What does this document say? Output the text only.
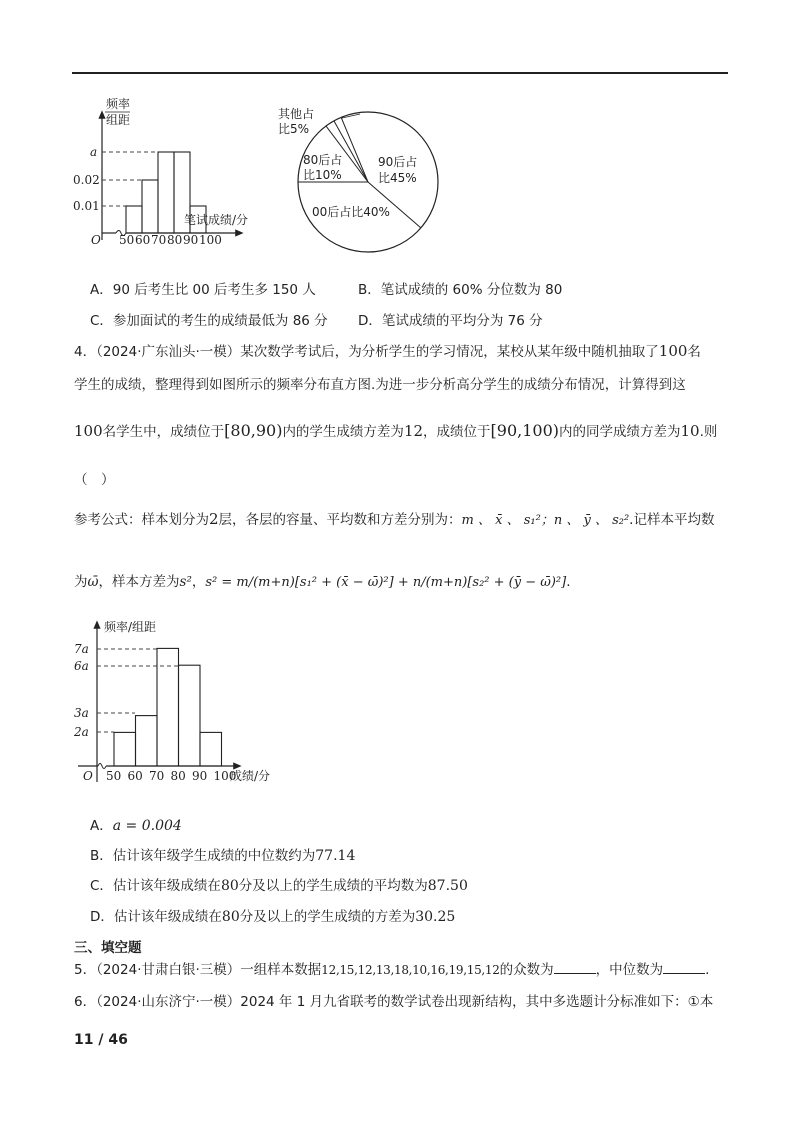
频率
组距
a
0.02
0.01
O 50 60 70 80 90 100
笔试成绩/分
其他占
比5%
80后占
比10%
90后占
比45%
00后占比40%
A．90 后考生比 00 后考生多 150 人	B．笔试成绩的 60% 分位数为 80
C．参加面试的考生的成绩最低为 86 分 D．笔试成绩的平均分为 76 分
4．（2024·广东汕头·一模）某次数学考试后，为分析学生的学习情况，某校从某年级中随机抽取了100名
学生的成绩，整理得到如图所示的频率分布直方图.为进一步分析高分学生的成绩分布情况，计算得到这
100名学生中，成绩位于[80,90)内的学生成绩方差为12，成绩位于[90,100)内的同学成绩方差为10.则
（　）
参考公式：样本划分为2层，各层的容量、平均数和方差分别为：m 、 x̄ 、 s₁²；n 、 ȳ 、 s₂².记样本平均数
为ω̄，样本方差为s²，s² = m/(m+n)[s₁² + (x̄ − ω̄)²] + n/(m+n)[s₂² + (ȳ − ω̄)²].
频率/组距
7a
6a
3a
2a
O 50 60 70 80 90 100
成绩/分
A．a = 0.004
B．估计该年级学生成绩的中位数约为77.14
C．估计该年级成绩在80分及以上的学生成绩的平均数为87.50
D．估计该年级成绩在80分及以上的学生成绩的方差为30.25
三、填空题
5．（2024·甘肃白银·三模）一组样本数据12,15,12,13,18,10,16,19,15,12的众数为	，中位数为	.
6．（2024·山东济宁·一模）2024 年 1 月九省联考的数学试卷出现新结构，其中多选题计分标准如下：①本
11 / 46
